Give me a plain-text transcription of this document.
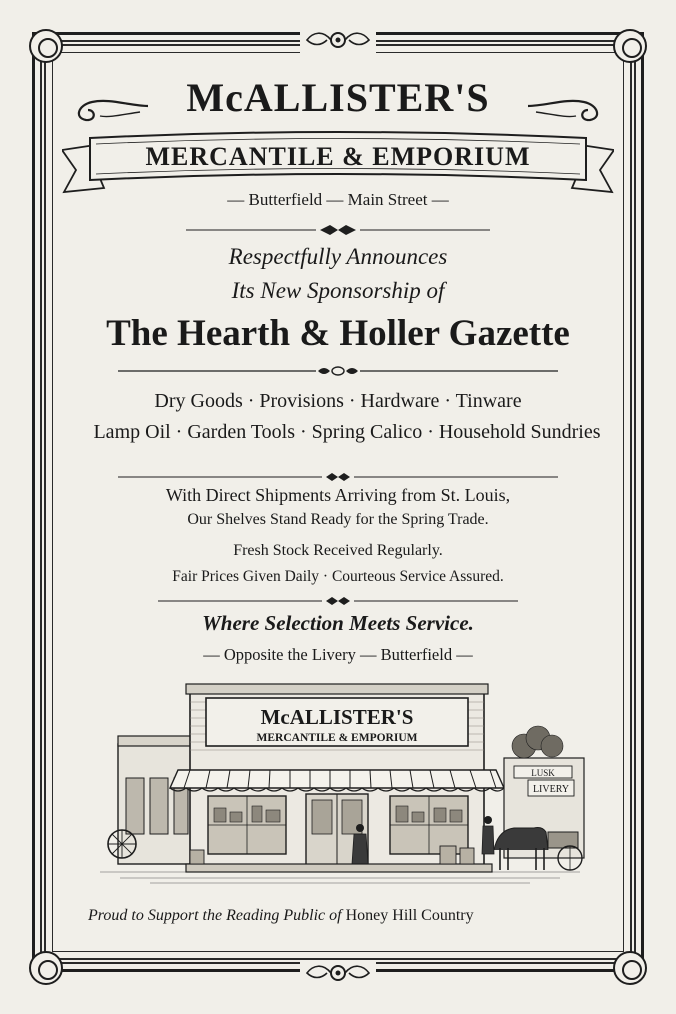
McALLISTER'S
MERCANTILE & EMPORIUM
— Butterfield — Main Street —
Respectfully Announces
Its New Sponsorship of
The Hearth & Holler Gazette
Dry Goods · Provisions · Hardware · Tinware
Lamp Oil · Garden Tools · Spring Calico · Household Sundries
With Direct Shipments Arriving from St. Louis,
Our Shelves Stand Ready for the Spring Trade.
Fresh Stock Received Regularly.
Fair Prices Given Daily · Courteous Service Assured.
Where Selection Meets Service.
— Opposite the Livery — Butterfield —
McALLISTER'S
MERCANTILE & EMPORIUM
LUSK
LIVERY
Proud to Support the Reading Public of Honey Hill Country
